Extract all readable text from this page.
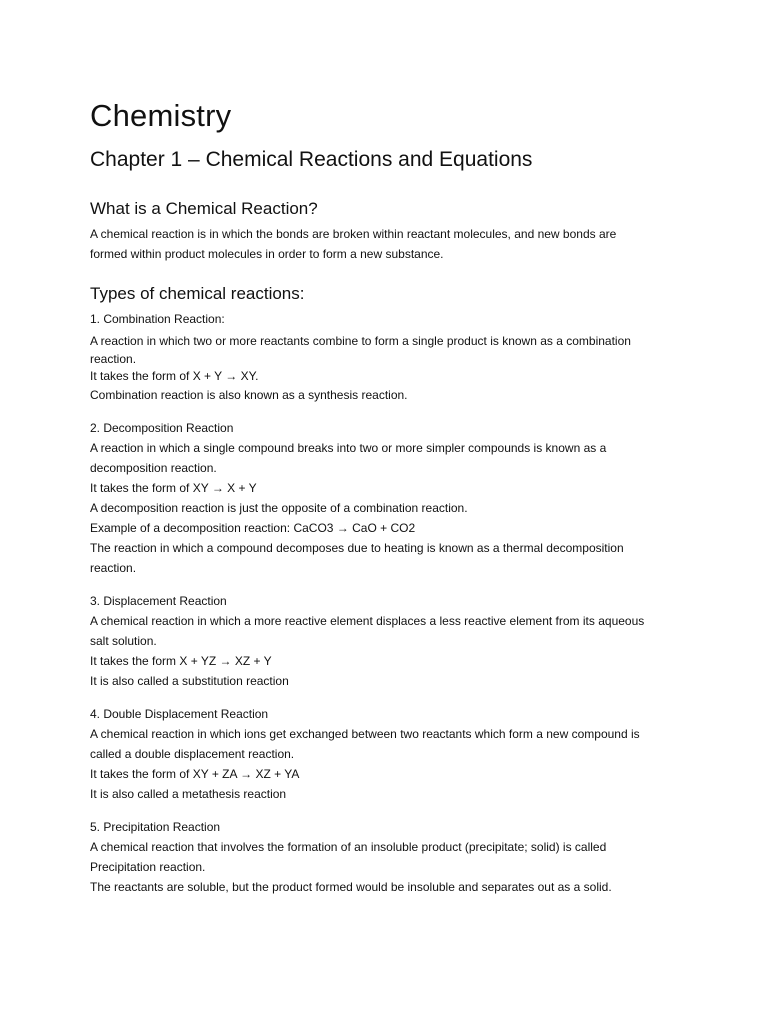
Chemistry
Chapter 1 – Chemical Reactions and Equations
What is a Chemical Reaction?

A chemical reaction is in which the bonds are broken within reactant molecules, and new bonds are

formed within product molecules in order to form a new substance.

Types of chemical reactions:

1. Combination Reaction:

A reaction in which two or more reactants combine to form a single product is known as a combination

reaction.

It takes the form of X + Y → XY.

Combination reaction is also known as a synthesis reaction.

2. Decomposition Reaction

A reaction in which a single compound breaks into two or more simpler compounds is known as a

decomposition reaction.

It takes the form of XY → X + Y

A decomposition reaction is just the opposite of a combination reaction.

Example of a decomposition reaction: CaCO3 → CaO + CO2

The reaction in which a compound decomposes due to heating is known as a thermal decomposition

reaction.

3. Displacement Reaction

A chemical reaction in which a more reactive element displaces a less reactive element from its aqueous

salt solution.

It takes the form X + YZ → XZ + Y

It is also called a substitution reaction

4. Double Displacement Reaction

A chemical reaction in which ions get exchanged between two reactants which form a new compound is

called a double displacement reaction.

It takes the form of XY + ZA → XZ + YA

It is also called a metathesis reaction

5. Precipitation Reaction

A chemical reaction that involves the formation of an insoluble product (precipitate; solid) is called

Precipitation reaction.

The reactants are soluble, but the product formed would be insoluble and separates out as a solid.
